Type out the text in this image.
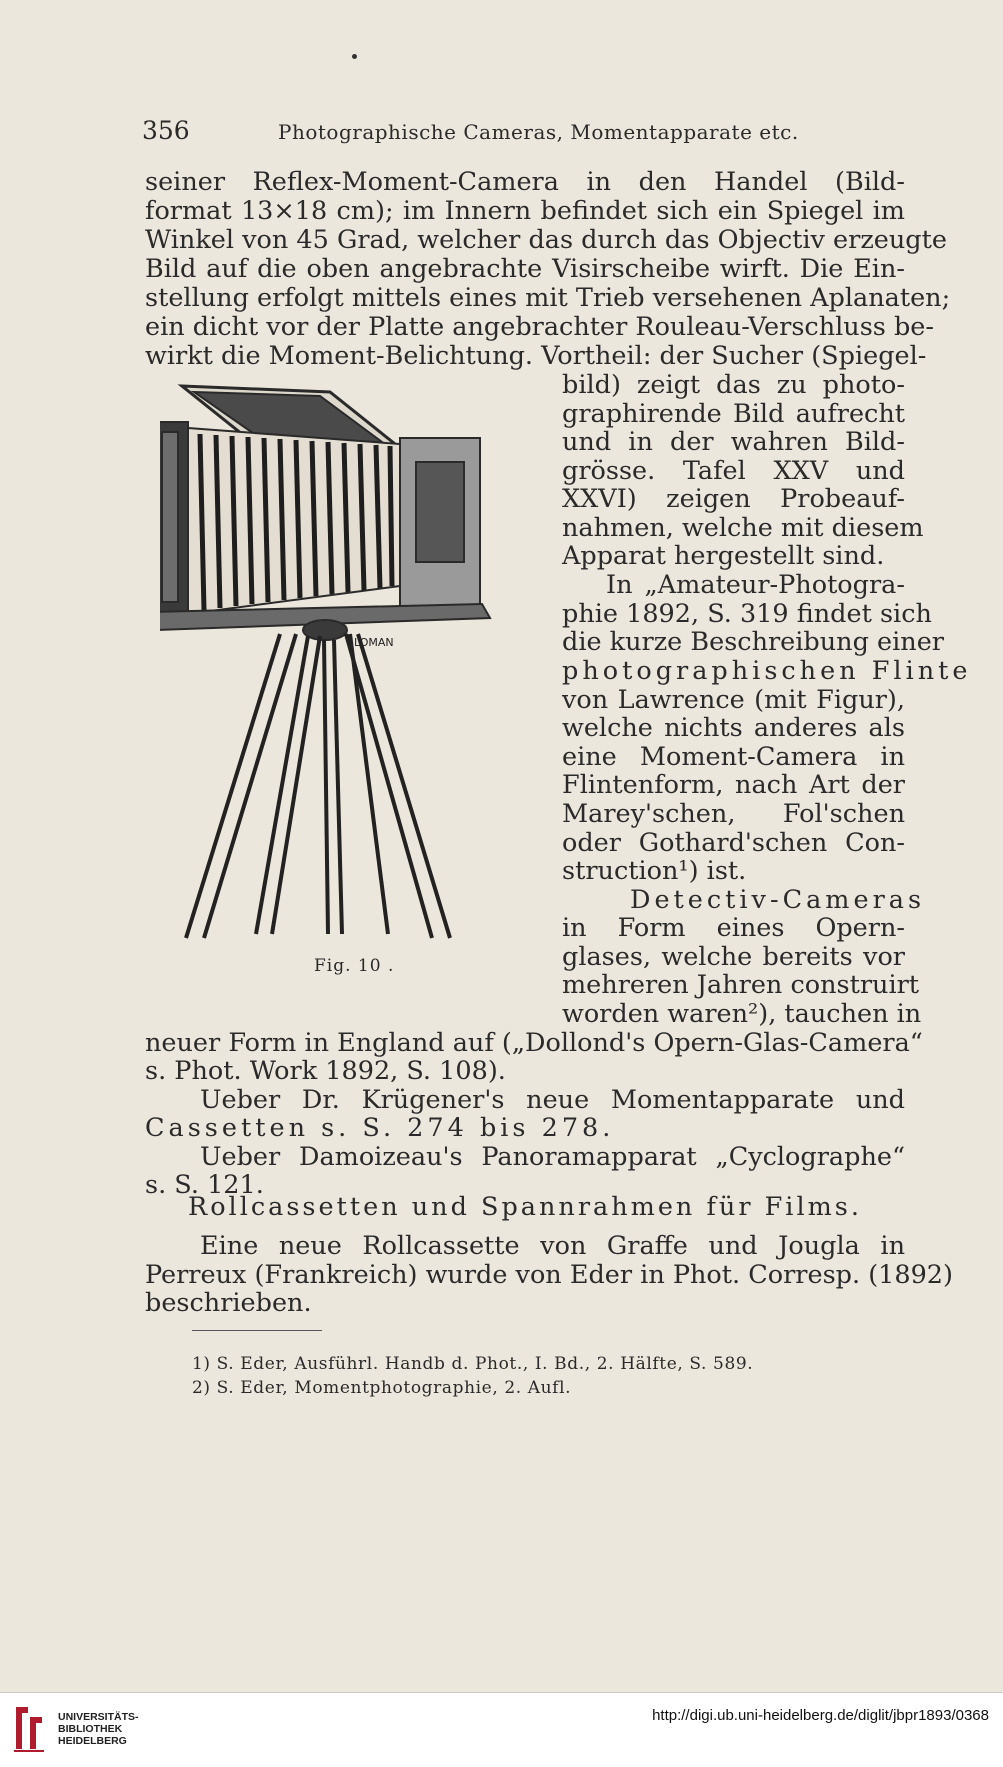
356	Photographische Cameras, Momentapparate etc.
seiner Reflex-Moment-Camera in den Handel (Bild-
format 13×18 cm); im Innern befindet sich ein Spiegel im
Winkel von 45 Grad, welcher das durch das Objectiv erzeugte
Bild auf die oben angebrachte Visirscheibe wirft. Die Ein-
stellung erfolgt mittels eines mit Trieb versehenen Aplanaten;
ein dicht vor der Platte angebrachter Rouleau-Verschluss be-
wirkt die Moment-Belichtung. Vortheil: der Sucher (Spiegel-
bild) zeigt das zu photo-
graphirende Bild aufrecht
und in der wahren Bild-
grösse. Tafel XXV und
XXVI) zeigen Probeauf-
nahmen, welche mit diesem
Apparat hergestellt sind.
In „Amateur-Photogra-
phie 1892, S. 319 findet sich
die kurze Beschreibung einer
photographischen Flinte
von Lawrence (mit Figur),
welche nichts anderes als
eine Moment-Camera in
Flintenform, nach Art der
Marey'schen, Fol'schen
oder Gothard'schen Con-
struction¹) ist.
Detectiv-Cameras
in Form eines Opern-
glases, welche bereits vor
mehreren Jahren construirt
worden waren²), tauchen in
LOMAN
Fig. 10 .
neuer Form in England auf („Dollond's Opern-Glas-Camera“
s. Phot. Work 1892, S. 108).
Ueber Dr. Krügener's neue Momentapparate und
Cassetten s. S. 274 bis 278.
Ueber Damoizeau's Panoramapparat „Cyclographe“
s. S. 121.
Rollcassetten und Spannrahmen für Films.
Eine neue Rollcassette von Graffe und Jougla in
Perreux (Frankreich) wurde von Eder in Phot. Corresp. (1892)
beschrieben.
1) S. Eder, Ausführl. Handb d. Phot., I. Bd., 2. Hälfte, S. 589.
2) S. Eder, Momentphotographie, 2. Aufl.
UNIVERSITÄTS-
BIBLIOTHEK
HEIDELBERG
http://digi.ub.uni-heidelberg.de/diglit/jbpr1893/0368
